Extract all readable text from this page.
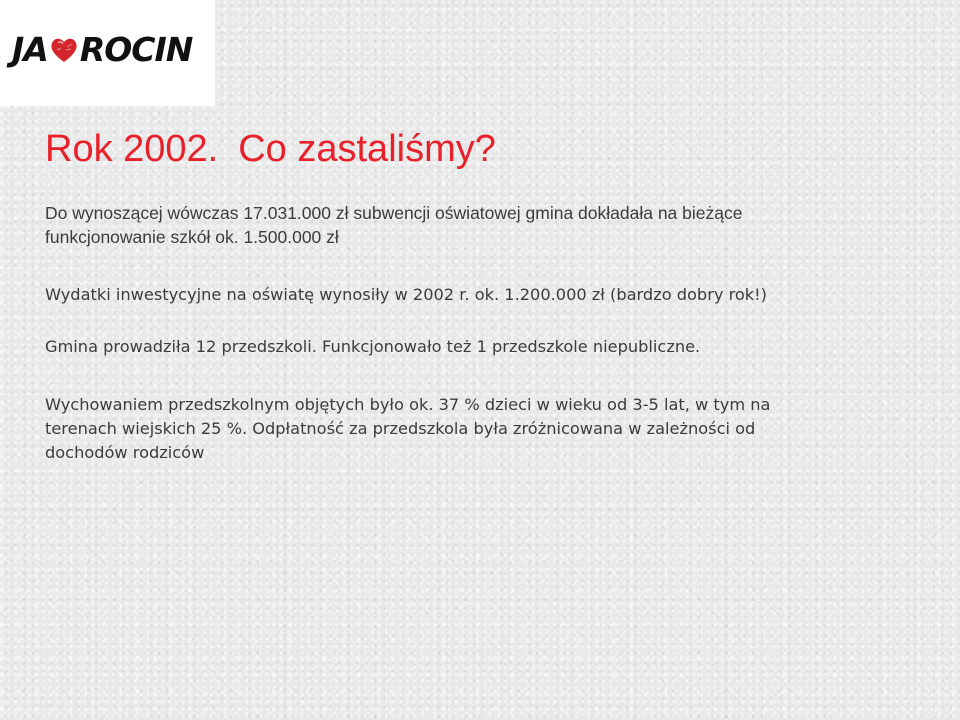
JA ROCIN
Rok 2002. Co zastaliśmy?

Do wynoszącej wówczas 17.031.000 zł subwencji oświatowej gmina dokładała na bieżące
funkcjonowanie szkół ok. 1.500.000 zł

Wydatki inwestycyjne na oświatę wynosiły w 2002 r. ok. 1.200.000 zł (bardzo dobry rok!)

Gmina prowadziła 12 przedszkoli. Funkcjonowało też 1 przedszkole niepubliczne.

Wychowaniem przedszkolnym objętych było ok. 37 % dzieci w wieku od 3-5 lat, w tym na
terenach wiejskich 25 %. Odpłatność za przedszkola była zróżnicowana w zależności od
dochodów rodziców
